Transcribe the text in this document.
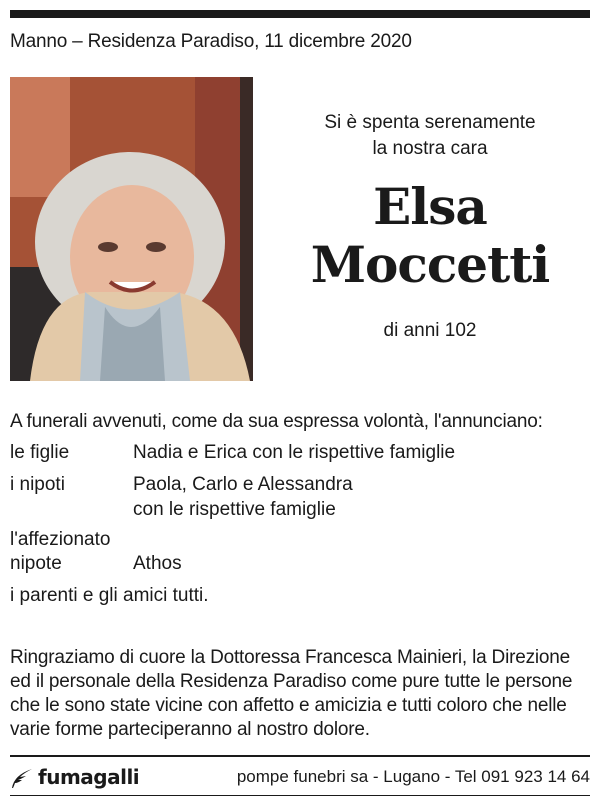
Manno – Residenza Paradiso, 11 dicembre 2020
Si è spenta serenamente
la nostra cara
Elsa
Moccetti
di anni 102
A funerali avvenuti, come da sua espressa volontà, l'annunciano:
le figlie	Nadia e Erica con le rispettive famiglie
i nipoti	Paola, Carlo e Alessandra
con le rispettive famiglie
l'affezionato
nipote	Athos
i parenti e gli amici tutti.
Ringraziamo di cuore la Dottoressa Francesca Mainieri, la Direzione
ed il personale della Residenza Paradiso come pure tutte le persone
che le sono state vicine con affetto e amicizia e tutti coloro che nelle
varie forme parteciperanno al nostro dolore.
fumagalli	pompe funebri sa - Lugano - Tel 091 923 14 64
